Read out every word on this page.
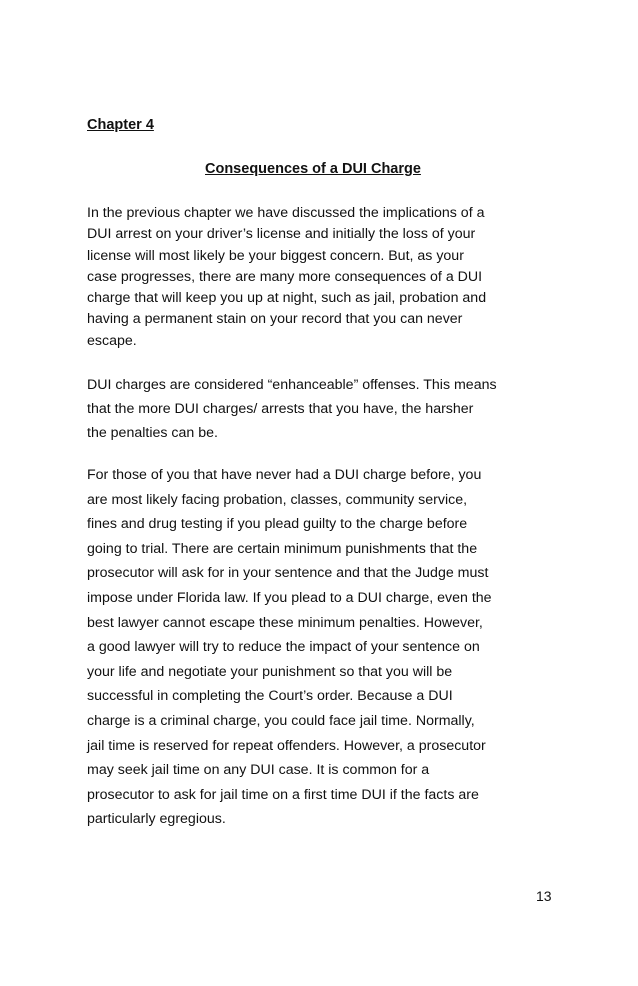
Chapter 4

Consequences of a DUI Charge

In the previous chapter we have discussed the implications of a
DUI arrest on your driver’s license and initially the loss of your
license will most likely be your biggest concern. But, as your
case progresses, there are many more consequences of a DUI
charge that will keep you up at night, such as jail, probation and
having a permanent stain on your record that you can never
escape.

DUI charges are considered “enhanceable” offenses. This means
that the more DUI charges/ arrests that you have, the harsher
the penalties can be.

For those of you that have never had a DUI charge before, you
are most likely facing probation, classes, community service,
fines and drug testing if you plead guilty to the charge before
going to trial. There are certain minimum punishments that the
prosecutor will ask for in your sentence and that the Judge must
impose under Florida law. If you plead to a DUI charge, even the
best lawyer cannot escape these minimum penalties. However,
a good lawyer will try to reduce the impact of your sentence on
your life and negotiate your punishment so that you will be
successful in completing the Court’s order. Because a DUI
charge is a criminal charge, you could face jail time. Normally,
jail time is reserved for repeat offenders. However, a prosecutor
may seek jail time on any DUI case. It is common for a
prosecutor to ask for jail time on a first time DUI if the facts are
particularly egregious.

13
